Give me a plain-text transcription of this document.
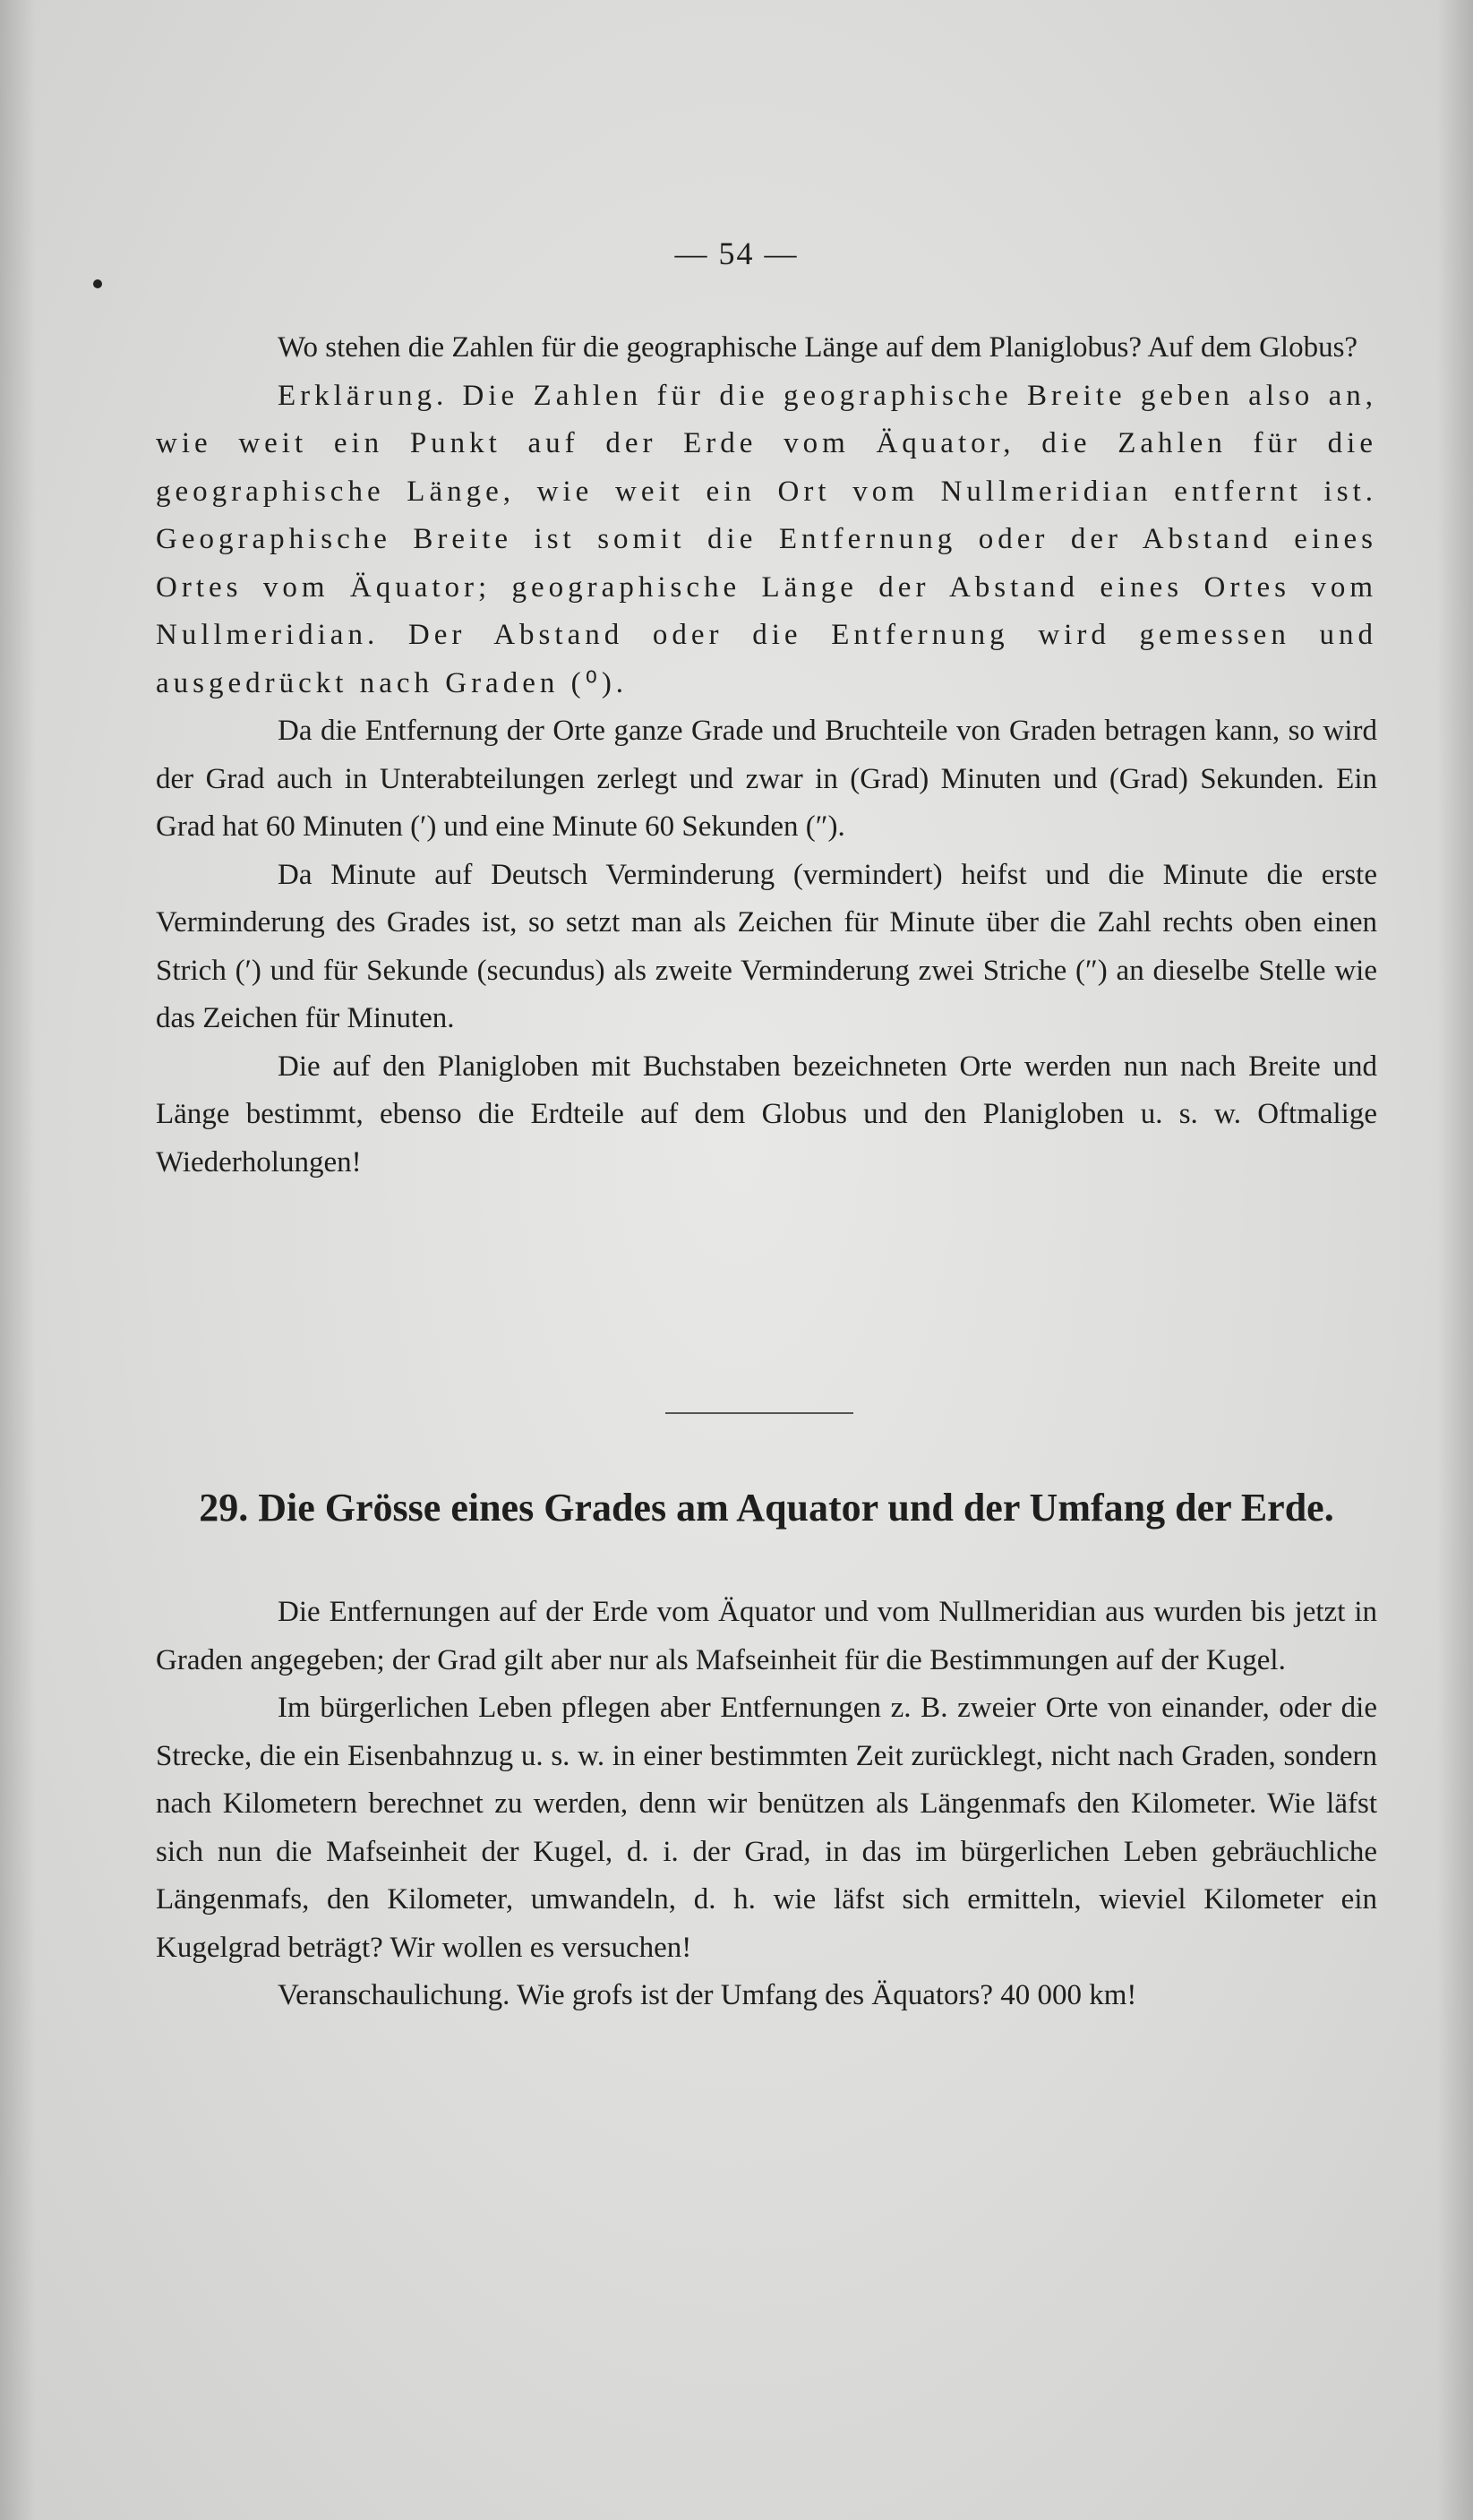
— 54 —

Wo stehen die Zahlen für die geographische Länge auf dem Planiglobus? Auf dem Globus?

Erklärung. Die Zahlen für die geographische Breite geben also an, wie weit ein Punkt auf der Erde vom Äquator, die Zahlen für die geographische Länge, wie weit ein Ort vom Nullmeridian entfernt ist. Geographische Breite ist somit die Entfernung oder der Abstand eines Ortes vom Äquator; geographische Länge der Abstand eines Ortes vom Nullmeridian. Der Abstand oder die Entfernung wird gemessen und ausgedrückt nach Graden (⁰).

Da die Entfernung der Orte ganze Grade und Bruchteile von Graden betragen kann, so wird der Grad auch in Unterabteilungen zerlegt und zwar in (Grad) Minuten und (Grad) Sekunden. Ein Grad hat 60 Minuten (′) und eine Minute 60 Sekunden (″).

Da Minute auf Deutsch Verminderung (vermindert) heifst und die Minute die erste Verminderung des Grades ist, so setzt man als Zeichen für Minute über die Zahl rechts oben einen Strich (′) und für Sekunde (secundus) als zweite Verminderung zwei Striche (″) an dieselbe Stelle wie das Zeichen für Minuten.

Die auf den Planigloben mit Buchstaben bezeichneten Orte werden nun nach Breite und Länge bestimmt, ebenso die Erdteile auf dem Globus und den Planigloben u. s. w. Oftmalige Wiederholungen!

29. Die Grösse eines Grades am Aquator und der Umfang der Erde.

Die Entfernungen auf der Erde vom Äquator und vom Nullmeridian aus wurden bis jetzt in Graden angegeben; der Grad gilt aber nur als Mafseinheit für die Bestimmungen auf der Kugel.

Im bürgerlichen Leben pflegen aber Entfernungen z. B. zweier Orte von einander, oder die Strecke, die ein Eisenbahnzug u. s. w. in einer bestimmten Zeit zurücklegt, nicht nach Graden, sondern nach Kilometern berechnet zu werden, denn wir benützen als Längenmafs den Kilometer. Wie läfst sich nun die Mafseinheit der Kugel, d. i. der Grad, in das im bürgerlichen Leben gebräuchliche Längenmafs, den Kilometer, umwandeln, d. h. wie läfst sich ermitteln, wieviel Kilometer ein Kugelgrad beträgt? Wir wollen es versuchen!

Veranschaulichung. Wie grofs ist der Umfang des Äquators? 40 000 km!
